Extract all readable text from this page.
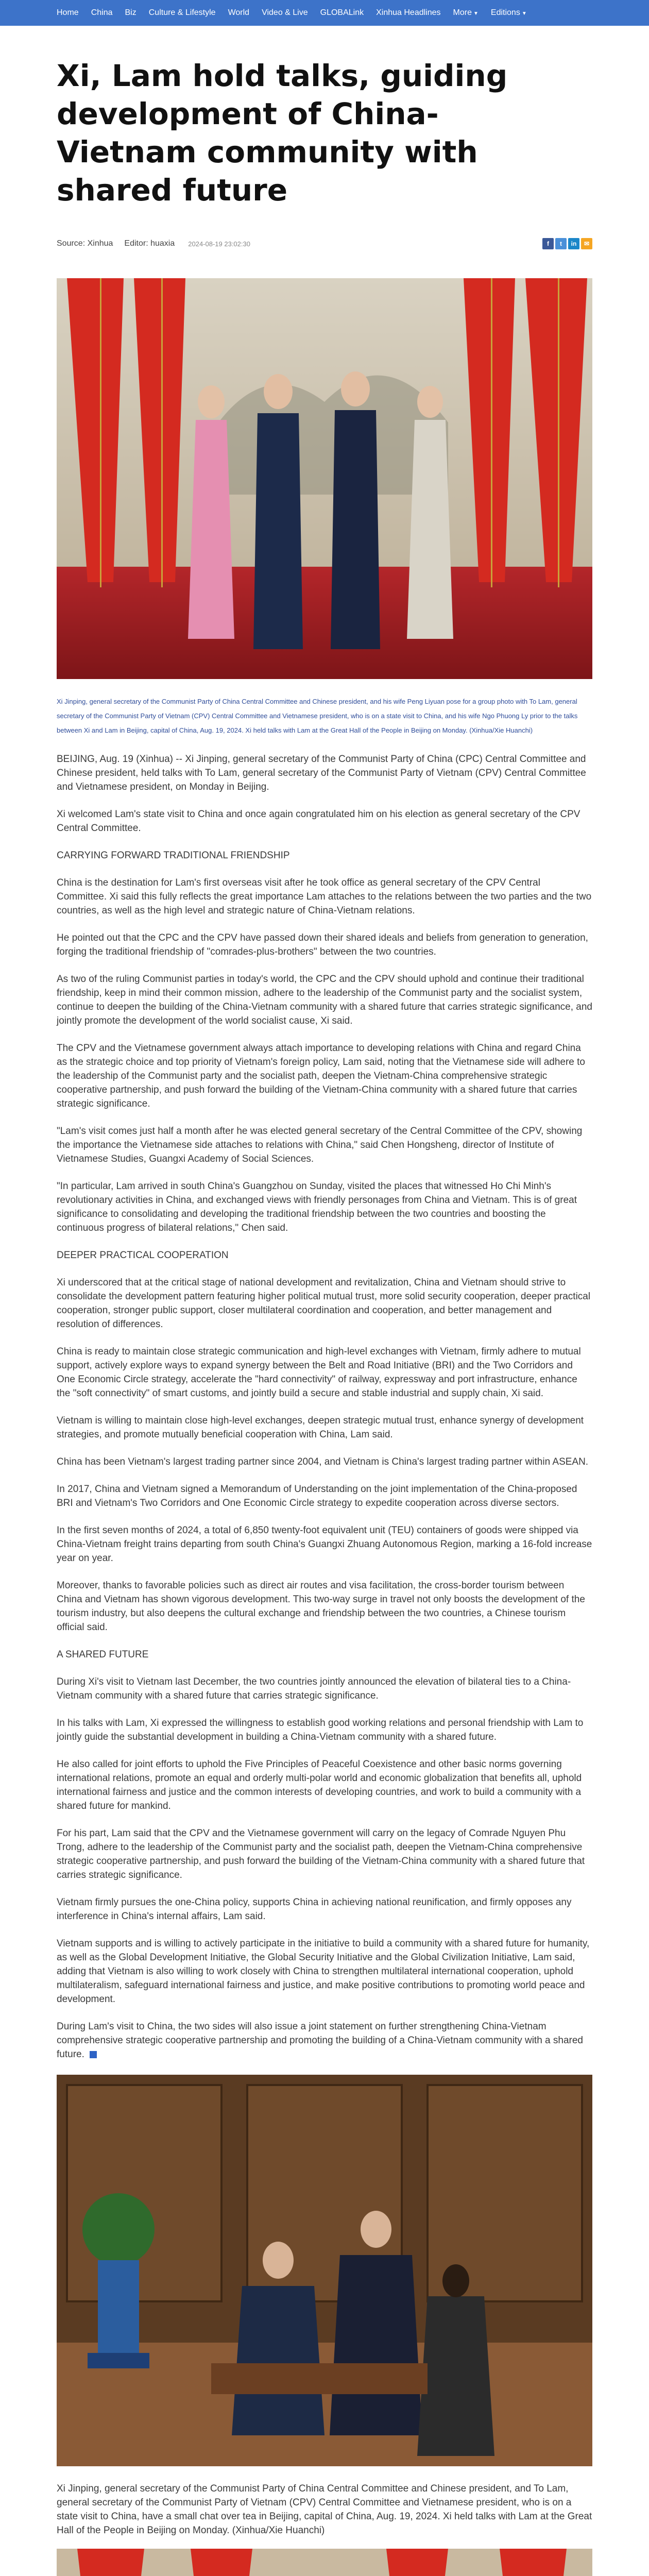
Home China Biz Culture & Lifestyle World Video & Live GLOBALink Xinhua Headlines More ▼ Editions ▼
Xi, Lam hold talks, guiding development of China-Vietnam community with shared future
Source: Xinhua Editor: huaxia 2024-08-19 23:02:30	f	t	in	✉
Xi Jinping, general secretary of the Communist Party of China Central Committee and Chinese president, and his wife Peng Liyuan pose for a group photo with To Lam, general secretary of the Communist Party of Vietnam (CPV) Central Committee and Vietnamese president, who is on a state visit to China, and his wife Ngo Phuong Ly prior to the talks between Xi and Lam in Beijing, capital of China, Aug. 19, 2024. Xi held talks with Lam at the Great Hall of the People in Beijing on Monday. (Xinhua/Xie Huanchi)

BEIJING, Aug. 19 (Xinhua) -- Xi Jinping, general secretary of the Communist Party of China (CPC) Central Committee and Chinese president, held talks with To Lam, general secretary of the Communist Party of Vietnam (CPV) Central Committee and Vietnamese president, on Monday in Beijing.

Xi welcomed Lam's state visit to China and once again congratulated him on his election as general secretary of the CPV Central Committee.

CARRYING FORWARD TRADITIONAL FRIENDSHIP

China is the destination for Lam's first overseas visit after he took office as general secretary of the CPV Central Committee. Xi said this fully reflects the great importance Lam attaches to the relations between the two parties and the two countries, as well as the high level and strategic nature of China-Vietnam relations.

He pointed out that the CPC and the CPV have passed down their shared ideals and beliefs from generation to generation, forging the traditional friendship of "comrades-plus-brothers" between the two countries.

As two of the ruling Communist parties in today's world, the CPC and the CPV should uphold and continue their traditional friendship, keep in mind their common mission, adhere to the leadership of the Communist party and the socialist system, continue to deepen the building of the China-Vietnam community with a shared future that carries strategic significance, and jointly promote the development of the world socialist cause, Xi said.

The CPV and the Vietnamese government always attach importance to developing relations with China and regard China as the strategic choice and top priority of Vietnam's foreign policy, Lam said, noting that the Vietnamese side will adhere to the leadership of the Communist party and the socialist path, deepen the Vietnam-China comprehensive strategic cooperative partnership, and push forward the building of the Vietnam-China community with a shared future that carries strategic significance.

"Lam's visit comes just half a month after he was elected general secretary of the Central Committee of the CPV, showing the importance the Vietnamese side attaches to relations with China," said Chen Hongsheng, director of Institute of Vietnamese Studies, Guangxi Academy of Social Sciences.

"In particular, Lam arrived in south China's Guangzhou on Sunday, visited the places that witnessed Ho Chi Minh's revolutionary activities in China, and exchanged views with friendly personages from China and Vietnam. This is of great significance to consolidating and developing the traditional friendship between the two countries and boosting the continuous progress of bilateral relations," Chen said.

DEEPER PRACTICAL COOPERATION

Xi underscored that at the critical stage of national development and revitalization, China and Vietnam should strive to consolidate the development pattern featuring higher political mutual trust, more solid security cooperation, deeper practical cooperation, stronger public support, closer multilateral coordination and cooperation, and better management and resolution of differences.

China is ready to maintain close strategic communication and high-level exchanges with Vietnam, firmly adhere to mutual support, actively explore ways to expand synergy between the Belt and Road Initiative (BRI) and the Two Corridors and One Economic Circle strategy, accelerate the "hard connectivity" of railway, expressway and port infrastructure, enhance the "soft connectivity" of smart customs, and jointly build a secure and stable industrial and supply chain, Xi said.

Vietnam is willing to maintain close high-level exchanges, deepen strategic mutual trust, enhance synergy of development strategies, and promote mutually beneficial cooperation with China, Lam said.

China has been Vietnam's largest trading partner since 2004, and Vietnam is China's largest trading partner within ASEAN.

In 2017, China and Vietnam signed a Memorandum of Understanding on the joint implementation of the China-proposed BRI and Vietnam's Two Corridors and One Economic Circle strategy to expedite cooperation across diverse sectors.

In the first seven months of 2024, a total of 6,850 twenty-foot equivalent unit (TEU) containers of goods were shipped via China-Vietnam freight trains departing from south China's Guangxi Zhuang Autonomous Region, marking a 16-fold increase year on year.

Moreover, thanks to favorable policies such as direct air routes and visa facilitation, the cross-border tourism between China and Vietnam has shown vigorous development. This two-way surge in travel not only boosts the development of the tourism industry, but also deepens the cultural exchange and friendship between the two countries, a Chinese tourism official said.

A SHARED FUTURE

During Xi's visit to Vietnam last December, the two countries jointly announced the elevation of bilateral ties to a China-Vietnam community with a shared future that carries strategic significance.

In his talks with Lam, Xi expressed the willingness to establish good working relations and personal friendship with Lam to jointly guide the substantial development in building a China-Vietnam community with a shared future.

He also called for joint efforts to uphold the Five Principles of Peaceful Coexistence and other basic norms governing international relations, promote an equal and orderly multi-polar world and economic globalization that benefits all, uphold international fairness and justice and the common interests of developing countries, and work to build a community with a shared future for mankind.

For his part, Lam said that the CPV and the Vietnamese government will carry on the legacy of Comrade Nguyen Phu Trong, adhere to the leadership of the Communist party and the socialist path, deepen the Vietnam-China comprehensive strategic cooperative partnership, and push forward the building of the Vietnam-China community with a shared future that carries strategic significance.

Vietnam firmly pursues the one-China policy, supports China in achieving national reunification, and firmly opposes any interference in China's internal affairs, Lam said.

Vietnam supports and is willing to actively participate in the initiative to build a community with a shared future for humanity, as well as the Global Development Initiative, the Global Security Initiative and the Global Civilization Initiative, Lam said, adding that Vietnam is also willing to work closely with China to strengthen multilateral international cooperation, uphold multilateralism, safeguard international fairness and justice, and make positive contributions to promoting world peace and development.

During Lam's visit to China, the two sides will also issue a joint statement on further strengthening China-Vietnam comprehensive strategic cooperative partnership and promoting the building of a China-Vietnam community with a shared future.

Xi Jinping, general secretary of the Communist Party of China Central Committee and Chinese president, and To Lam, general secretary of the Communist Party of Vietnam (CPV) Central Committee and Vietnamese president, who is on a state visit to China, have a small chat over tea in Beijing, capital of China, Aug. 19, 2024. Xi held talks with Lam at the Great Hall of the People in Beijing on Monday. (Xinhua/Xie Huanchi)
